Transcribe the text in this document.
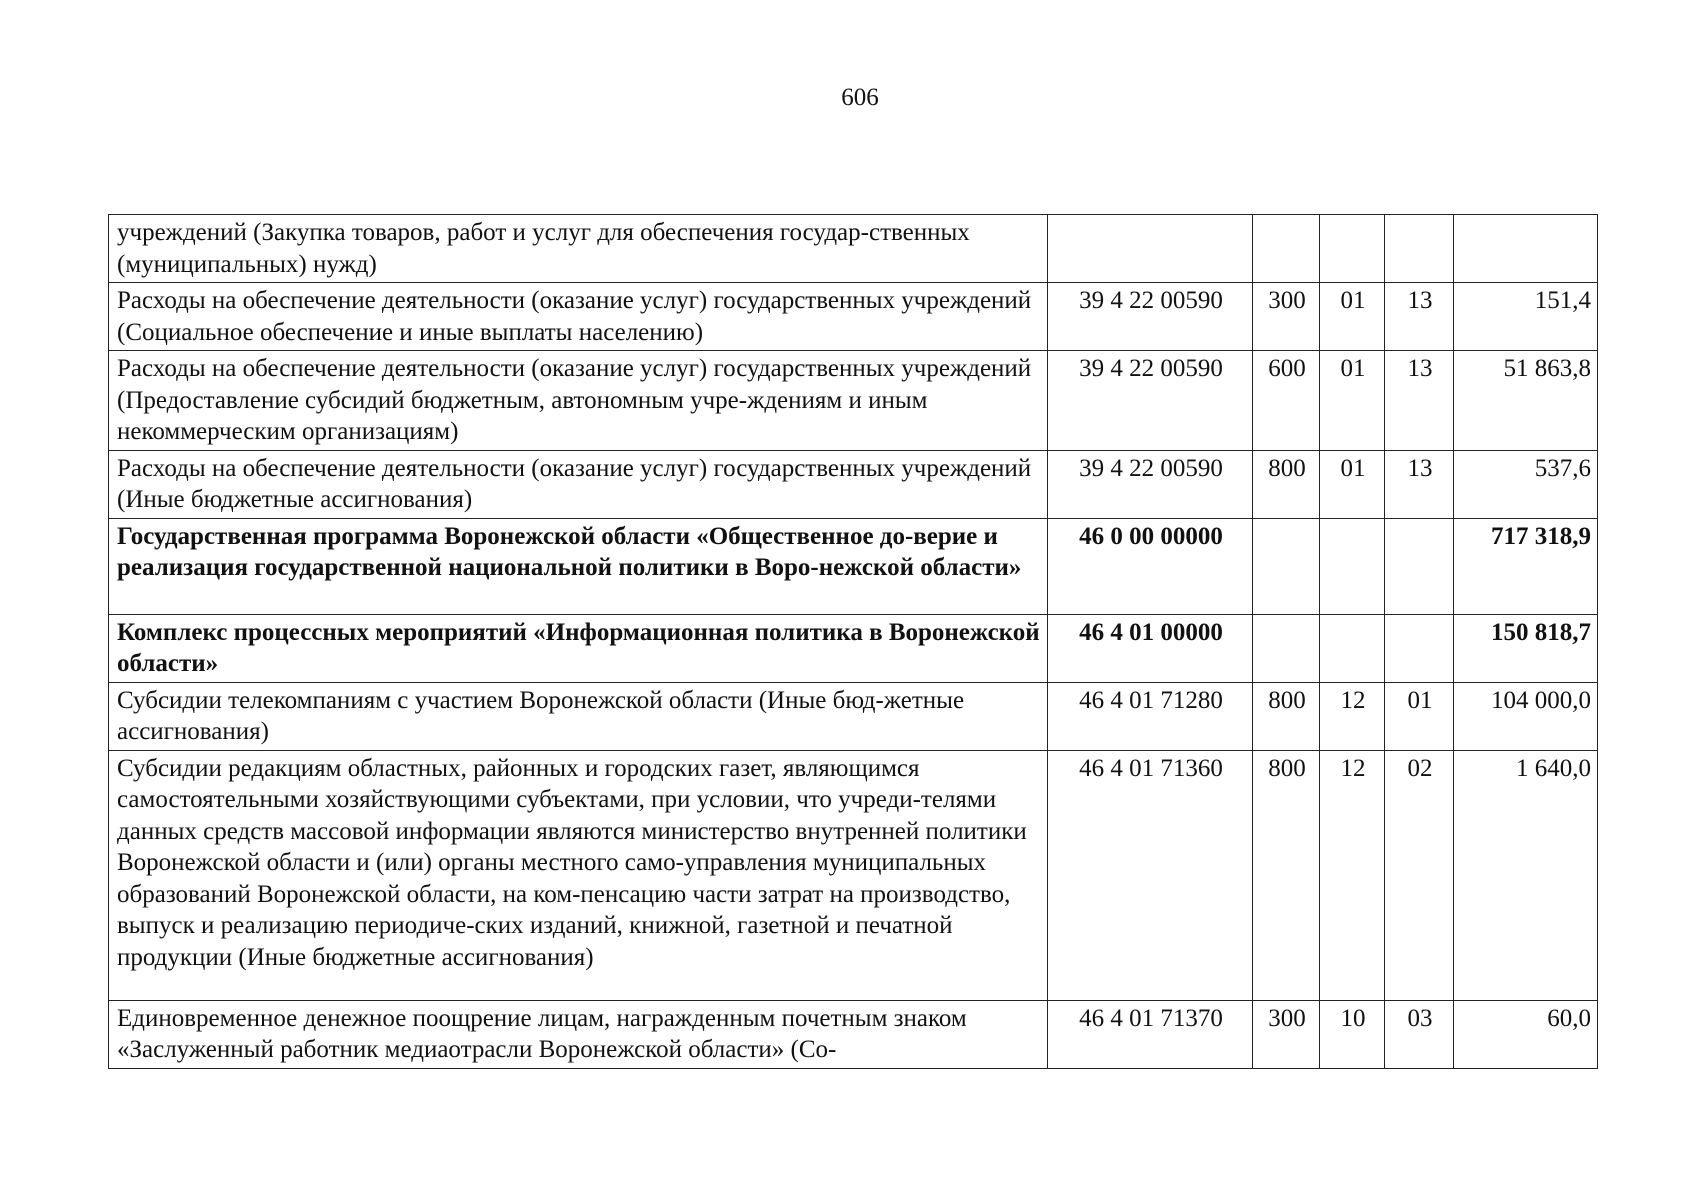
606
учреждений (Закупка товаров, работ и услуг для обеспечения государ-ственных (муниципальных) нужд)					
Расходы на обеспечение деятельности (оказание услуг) государственных учреждений (Социальное обеспечение и иные выплаты населению)	39 4 22 00590	300	01	13	151,4
Расходы на обеспечение деятельности (оказание услуг) государственных учреждений (Предоставление субсидий бюджетным, автономным учре-ждениям и иным некоммерческим организациям)	39 4 22 00590	600	01	13	51 863,8
Расходы на обеспечение деятельности (оказание услуг) государственных учреждений (Иные бюджетные ассигнования)	39 4 22 00590	800	01	13	537,6
Государственная программа Воронежской области «Общественное до-верие и реализация государственной национальной политики в Воро-нежской области»	46 0 00 00000				717 318,9
Комплекс процессных мероприятий «Информационная политика в Воронежской области»	46 4 01 00000				150 818,7
Субсидии телекомпаниям с участием Воронежской области (Иные бюд-жетные ассигнования)	46 4 01 71280	800	12	01	104 000,0
Субсидии редакциям областных, районных и городских газет, являющимся самостоятельными хозяйствующими субъектами, при условии, что учреди-телями данных средств массовой информации являются министерство внутренней политики Воронежской области и (или) органы местного само-управления муниципальных образований Воронежской области, на ком-пенсацию части затрат на производство, выпуск и реализацию периодиче-ских изданий, книжной, газетной и печатной продукции (Иные бюджетные ассигнования)	46 4 01 71360	800	12	02	1 640,0
Единовременное денежное поощрение лицам, награжденным почетным знаком «Заслуженный работник медиаотрасли Воронежской области» (Со-	46 4 01 71370	300	10	03	60,0
